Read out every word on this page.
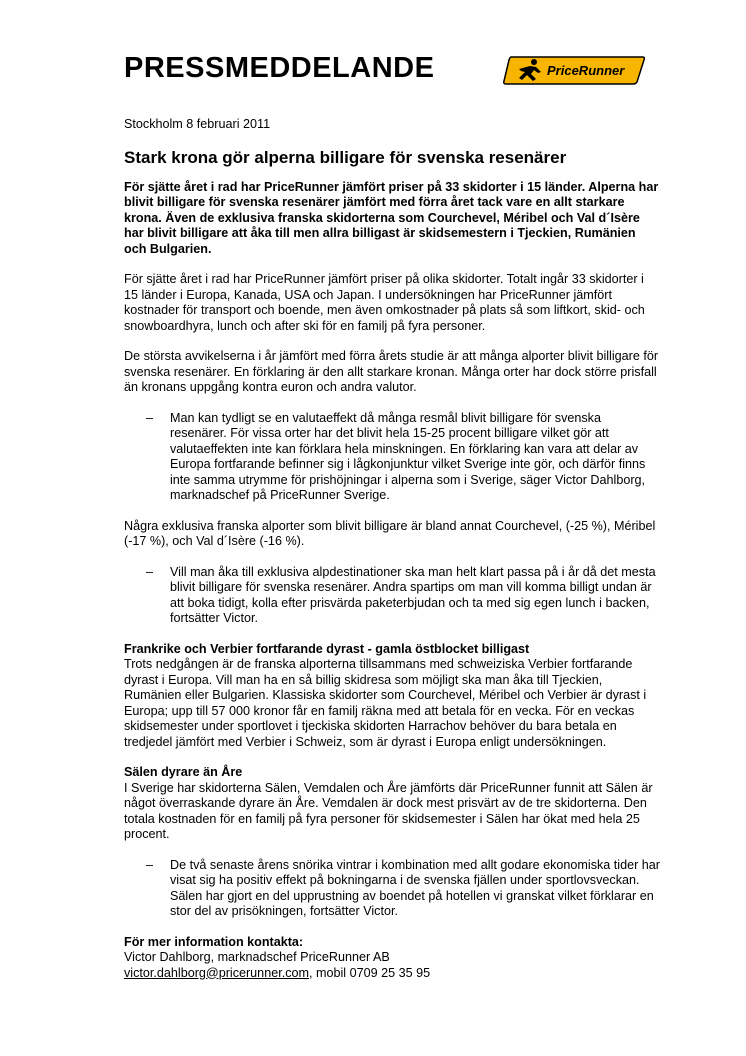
PRESSMEDDELANDE	PriceRunner

Stockholm 8 februari 2011

Stark krona gör alperna billigare för svenska resenärer

För sjätte året i rad har PriceRunner jämfört priser på 33 skidorter i 15 länder. Alperna har blivit billigare för svenska resenärer jämfört med förra året tack vare en allt starkare krona. Även de exklusiva franska skidorterna som Courchevel, Méribel och Val d´Isère har blivit billigare att åka till men allra billigast är skidsemestern i Tjeckien, Rumänien och Bulgarien.

För sjätte året i rad har PriceRunner jämfört priser på olika skidorter. Totalt ingår 33 skidorter i 15 länder i Europa, Kanada, USA och Japan. I undersökningen har PriceRunner jämfört kostnader för transport och boende, men även omkostnader på plats så som liftkort, skid- och snowboardhyra, lunch och after ski för en familj på fyra personer.

De största avvikelserna i år jämfört med förra årets studie är att många alporter blivit billigare för svenska resenärer. En förklaring är den allt starkare kronan. Många orter har dock större prisfall än kronans uppgång kontra euron och andra valutor.

– Man kan tydligt se en valutaeffekt då många resmål blivit billigare för svenska resenärer. För vissa orter har det blivit hela 15-25 procent billigare vilket gör att valutaeffekten inte kan förklara hela minskningen. En förklaring kan vara att delar av Europa fortfarande befinner sig i lågkonjunktur vilket Sverige inte gör, och därför finns inte samma utrymme för prishöjningar i alperna som i Sverige, säger Victor Dahlborg, marknadschef på PriceRunner Sverige.

Några exklusiva franska alporter som blivit billigare är bland annat Courchevel, (-25 %), Méribel (-17 %), och Val d´Isère (-16 %).

– Vill man åka till exklusiva alpdestinationer ska man helt klart passa på i år då det mesta blivit billigare för svenska resenärer. Andra spartips om man vill komma billigt undan är att boka tidigt, kolla efter prisvärda paketerbjudan och ta med sig egen lunch i backen, fortsätter Victor.

Frankrike och Verbier fortfarande dyrast - gamla östblocket billigast

Trots nedgången är de franska alporterna tillsammans med schweiziska Verbier fortfarande dyrast i Europa. Vill man ha en så billig skidresa som möjligt ska man åka till Tjeckien, Rumänien eller Bulgarien. Klassiska skidorter som Courchevel, Méribel och Verbier är dyrast i Europa; upp till 57 000 kronor får en familj räkna med att betala för en vecka. För en veckas skidsemester under sportlovet i tjeckiska skidorten Harrachov behöver du bara betala en tredjedel jämfört med Verbier i Schweiz, som är dyrast i Europa enligt undersökningen.

Sälen dyrare än Åre

I Sverige har skidorterna Sälen, Vemdalen och Åre jämförts där PriceRunner funnit att Sälen är något överraskande dyrare än Åre. Vemdalen är dock mest prisvärt av de tre skidorterna. Den totala kostnaden för en familj på fyra personer för skidsemester i Sälen har ökat med hela 25 procent.

– De två senaste årens snörika vintrar i kombination med allt godare ekonomiska tider har visat sig ha positiv effekt på bokningarna i de svenska fjällen under sportlovsveckan. Sälen har gjort en del upprustning av boendet på hotellen vi granskat vilket förklarar en stor del av prisökningen, fortsätter Victor.

För mer information kontakta:

Victor Dahlborg, marknadschef PriceRunner AB

victor.dahlborg@pricerunner.com, mobil 0709 25 35 95
